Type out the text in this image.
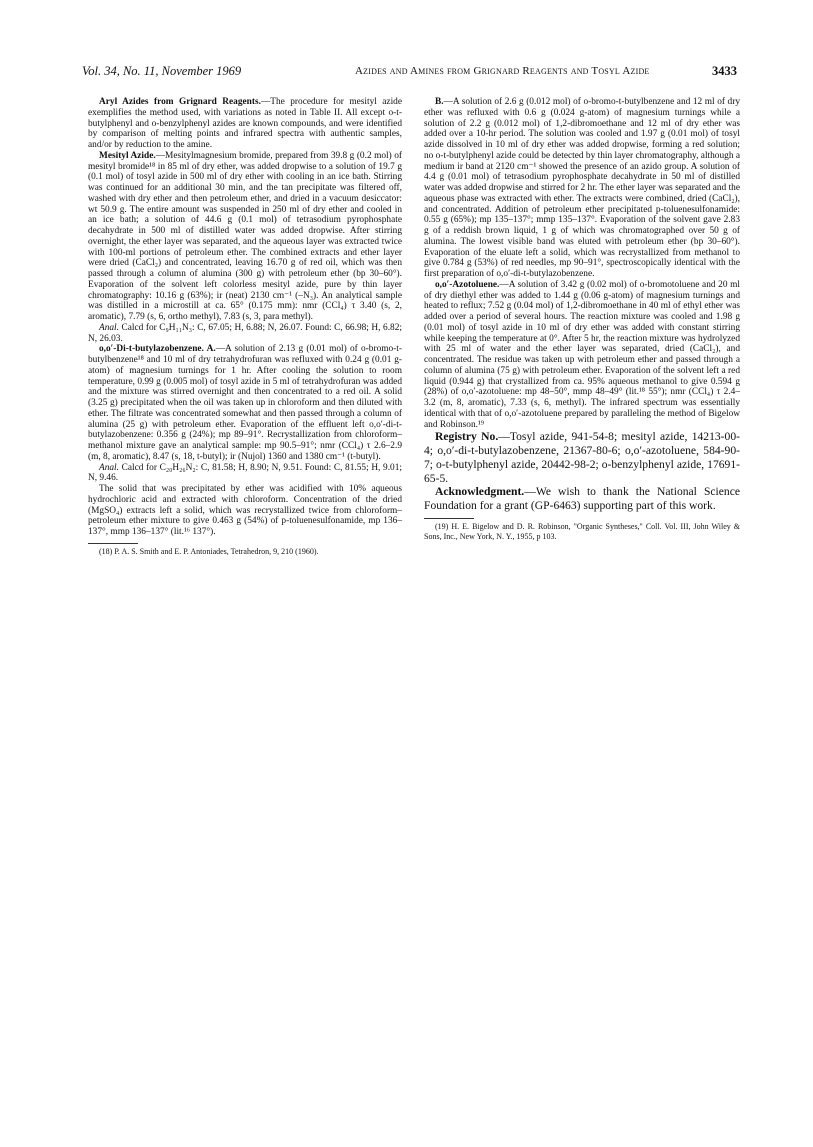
Vol. 34, No. 11, November 1969	Azides and Amines from Grignard Reagents and Tosyl Azide	3433

Aryl Azides from Grignard Reagents.—The procedure for mesityl azide exemplifies the method used, with variations as noted in Table II. All except o-t-butylphenyl and o-benzylphenyl azides are known compounds, and were identified by comparison of melting points and infrared spectra with authentic samples, and/or by reduction to the amine.

Mesityl Azide.—Mesitylmagnesium bromide, prepared from 39.8 g (0.2 mol) of mesityl bromide¹⁸ in 85 ml of dry ether, was added dropwise to a solution of 19.7 g (0.1 mol) of tosyl azide in 500 ml of dry ether with cooling in an ice bath. Stirring was continued for an additional 30 min, and the tan precipitate was filtered off, washed with dry ether and then petroleum ether, and dried in a vacuum desiccator: wt 50.9 g. The entire amount was suspended in 250 ml of dry ether and cooled in an ice bath; a solution of 44.6 g (0.1 mol) of tetrasodium pyrophosphate decahydrate in 500 ml of distilled water was added dropwise. After stirring overnight, the ether layer was separated, and the aqueous layer was extracted twice with 100-ml portions of petroleum ether. The combined extracts and ether layer were dried (CaCl₂) and concentrated, leaving 16.70 g of red oil, which was then passed through a column of alumina (300 g) with petroleum ether (bp 30–60°). Evaporation of the solvent left colorless mesityl azide, pure by thin layer chromatography: 10.16 g (63%); ir (neat) 2130 cm⁻¹ (–N₃). An analytical sample was distilled in a microstill at ca. 65° (0.175 mm): nmr (CCl₄) τ 3.40 (s, 2, aromatic), 7.79 (s, 6, ortho methyl), 7.83 (s, 3, para methyl).

Anal. Calcd for C₉H₁₁N₃: C, 67.05; H, 6.88; N, 26.07. Found: C, 66.98; H, 6.82; N, 26.03.

o,o′-Di-t-butylazobenzene. A.—A solution of 2.13 g (0.01 mol) of o-bromo-t-butylbenzene¹⁸ and 10 ml of dry tetrahydrofuran was refluxed with 0.24 g (0.01 g-atom) of magnesium turnings for 1 hr. After cooling the solution to room temperature, 0.99 g (0.005 mol) of tosyl azide in 5 ml of tetrahydrofuran was added and the mixture was stirred overnight and then concentrated to a red oil. A solid (3.25 g) precipitated when the oil was taken up in chloroform and then diluted with ether. The filtrate was concentrated somewhat and then passed through a column of alumina (25 g) with petroleum ether. Evaporation of the effluent left o,o′-di-t-butylazobenzene: 0.356 g (24%); mp 89–91°. Recrystallization from chloroform–methanol mixture gave an analytical sample: mp 90.5–91°; nmr (CCl₄) τ 2.6–2.9 (m, 8, aromatic), 8.47 (s, 18, t-butyl); ir (Nujol) 1360 and 1380 cm⁻¹ (t-butyl).

Anal. Calcd for C₂₀H₂₆N₂: C, 81.58; H, 8.90; N, 9.51. Found: C, 81.55; H, 9.01; N, 9.46.

The solid that was precipitated by ether was acidified with 10% aqueous hydrochloric acid and extracted with chloroform. Concentration of the dried (MgSO₄) extracts left a solid, which was recrystallized twice from chloroform–petroleum ether mixture to give 0.463 g (54%) of p-toluenesulfonamide, mp 136–137°, mmp 136–137° (lit.¹⁶ 137°).

(18) P. A. S. Smith and E. P. Antoniades, Tetrahedron, 9, 210 (1960).

B.—A solution of 2.6 g (0.012 mol) of o-bromo-t-butylbenzene and 12 ml of dry ether was refluxed with 0.6 g (0.024 g-atom) of magnesium turnings while a solution of 2.2 g (0.012 mol) of 1,2-dibromoethane and 12 ml of dry ether was added over a 10-hr period. The solution was cooled and 1.97 g (0.01 mol) of tosyl azide dissolved in 10 ml of dry ether was added dropwise, forming a red solution; no o-t-butylphenyl azide could be detected by thin layer chromatography, although a medium ir band at 2120 cm⁻¹ showed the presence of an azido group. A solution of 4.4 g (0.01 mol) of tetrasodium pyrophosphate decahydrate in 50 ml of distilled water was added dropwise and stirred for 2 hr. The ether layer was separated and the aqueous phase was extracted with ether. The extracts were combined, dried (CaCl₂), and concentrated. Addition of petroleum ether precipitated p-toluenesulfonamide: 0.55 g (65%); mp 135–137°; mmp 135–137°. Evaporation of the solvent gave 2.83 g of a reddish brown liquid, 1 g of which was chromatographed over 50 g of alumina. The lowest visible band was eluted with petroleum ether (bp 30–60°). Evaporation of the eluate left a solid, which was recrystallized from methanol to give 0.784 g (53%) of red needles, mp 90–91°, spectroscopically identical with the first preparation of o,o′-di-t-butylazobenzene.

o,o′-Azotoluene.—A solution of 3.42 g (0.02 mol) of o-bromotoluene and 20 ml of dry diethyl ether was added to 1.44 g (0.06 g-atom) of magnesium turnings and heated to reflux; 7.52 g (0.04 mol) of 1,2-dibromoethane in 40 ml of ethyl ether was added over a period of several hours. The reaction mixture was cooled and 1.98 g (0.01 mol) of tosyl azide in 10 ml of dry ether was added with constant stirring while keeping the temperature at 0°. After 5 hr, the reaction mixture was hydrolyzed with 25 ml of water and the ether layer was separated, dried (CaCl₂), and concentrated. The residue was taken up with petroleum ether and passed through a column of alumina (75 g) with petroleum ether. Evaporation of the solvent left a red liquid (0.944 g) that crystallized from ca. 95% aqueous methanol to give 0.594 g (28%) of o,o′-azotoluene: mp 48–50°, mmp 48–49° (lit.¹⁸ 55°); nmr (CCl₄) τ 2.4–3.2 (m, 8, aromatic), 7.33 (s, 6, methyl). The infrared spectrum was essentially identical with that of o,o′-azotoluene prepared by paralleling the method of Bigelow and Robinson.¹⁹

Registry No.—Tosyl azide, 941-54-8; mesityl azide, 14213-00-4; o,o′-di-t-butylazobenzene, 21367-80-6; o,o′-azotoluene, 584-90-7; o-t-butylphenyl azide, 20442-98-2; o-benzylphenyl azide, 17691-65-5.

Acknowledgment.—We wish to thank the National Science Foundation for a grant (GP-6463) supporting part of this work.

(19) H. E. Bigelow and D. R. Robinson, "Organic Syntheses," Coll. Vol. III, John Wiley & Sons, Inc., New York, N. Y., 1955, p 103.
